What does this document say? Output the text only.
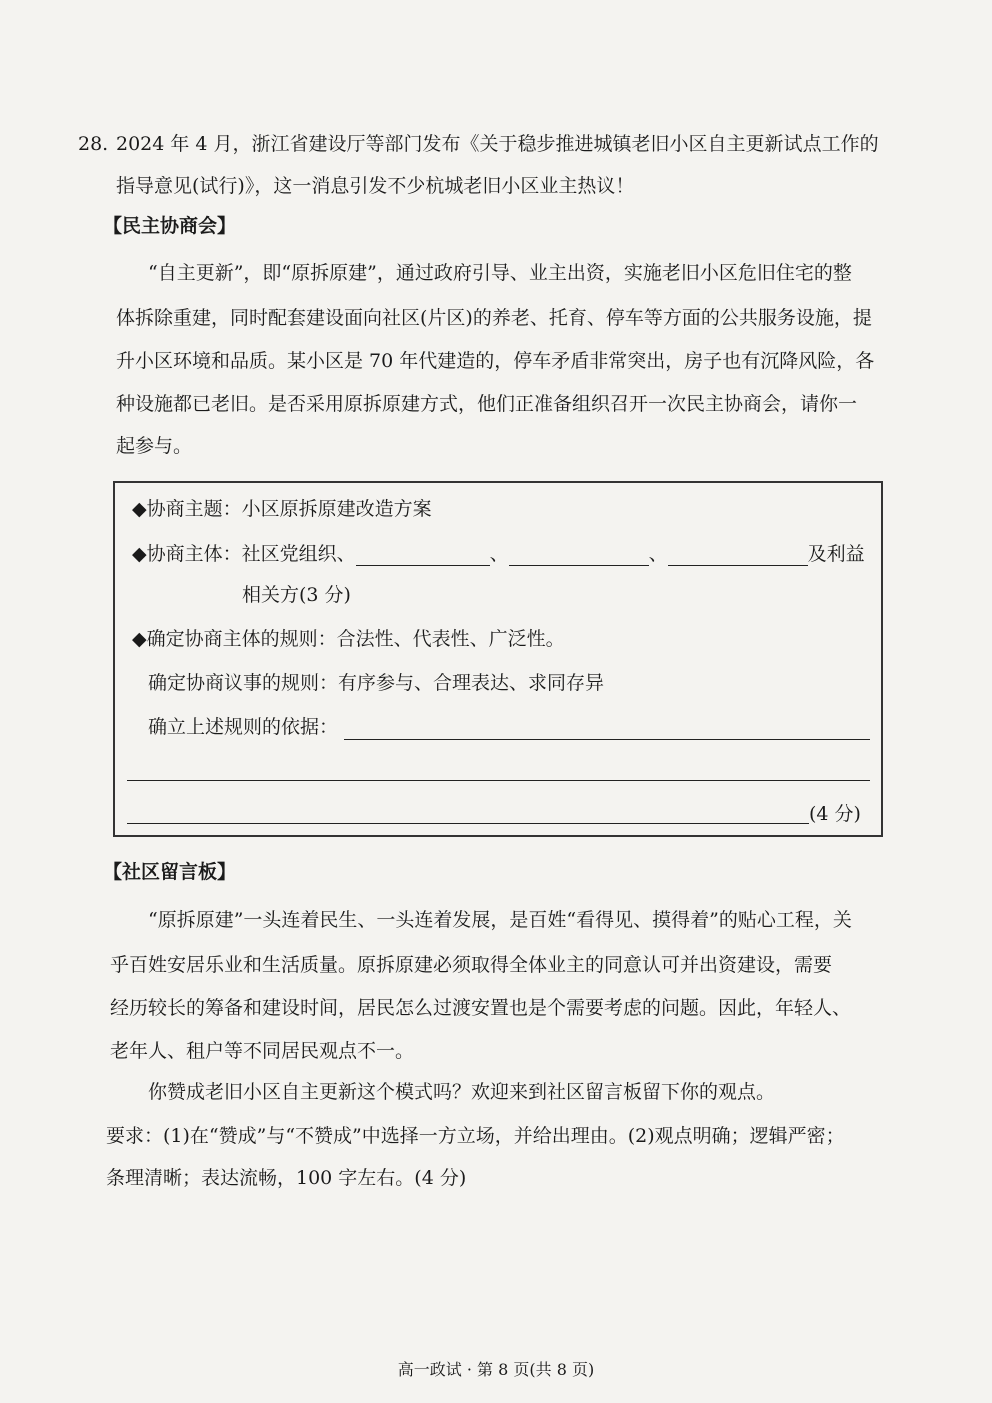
28. 2024 年 4 月，浙江省建设厅等部门发布《关于稳步推进城镇老旧小区自主更新试点工作的
指导意见(试行)》，这一消息引发不少杭城老旧小区业主热议！
【民主协商会】
“自主更新”，即“原拆原建”，通过政府引导、业主出资，实施老旧小区危旧住宅的整
体拆除重建，同时配套建设面向社区(片区)的养老、托育、停车等方面的公共服务设施，提
升小区环境和品质。某小区是 70 年代建造的，停车矛盾非常突出，房子也有沉降风险，各
种设施都已老旧。是否采用原拆原建方式，他们正准备组织召开一次民主协商会，请你一
起参与。
◆协商主题：小区原拆原建改造方案
◆协商主体：社区党组织、	、	、	及利益
相关方(3 分)
◆确定协商主体的规则：合法性、代表性、广泛性。
确定协商议事的规则：有序参与、合理表达、求同存异
确立上述规则的依据：
(4 分)
【社区留言板】
“原拆原建”一头连着民生、一头连着发展，是百姓“看得见、摸得着”的贴心工程，关
乎百姓安居乐业和生活质量。原拆原建必须取得全体业主的同意认可并出资建设，需要
经历较长的筹备和建设时间，居民怎么过渡安置也是个需要考虑的问题。因此，年轻人、
老年人、租户等不同居民观点不一。
你赞成老旧小区自主更新这个模式吗？欢迎来到社区留言板留下你的观点。
要求：(1)在“赞成”与“不赞成”中选择一方立场，并给出理由。(2)观点明确；逻辑严密；
条理清晰；表达流畅，100 字左右。(4 分)
高一政试 · 第 8 页(共 8 页)
